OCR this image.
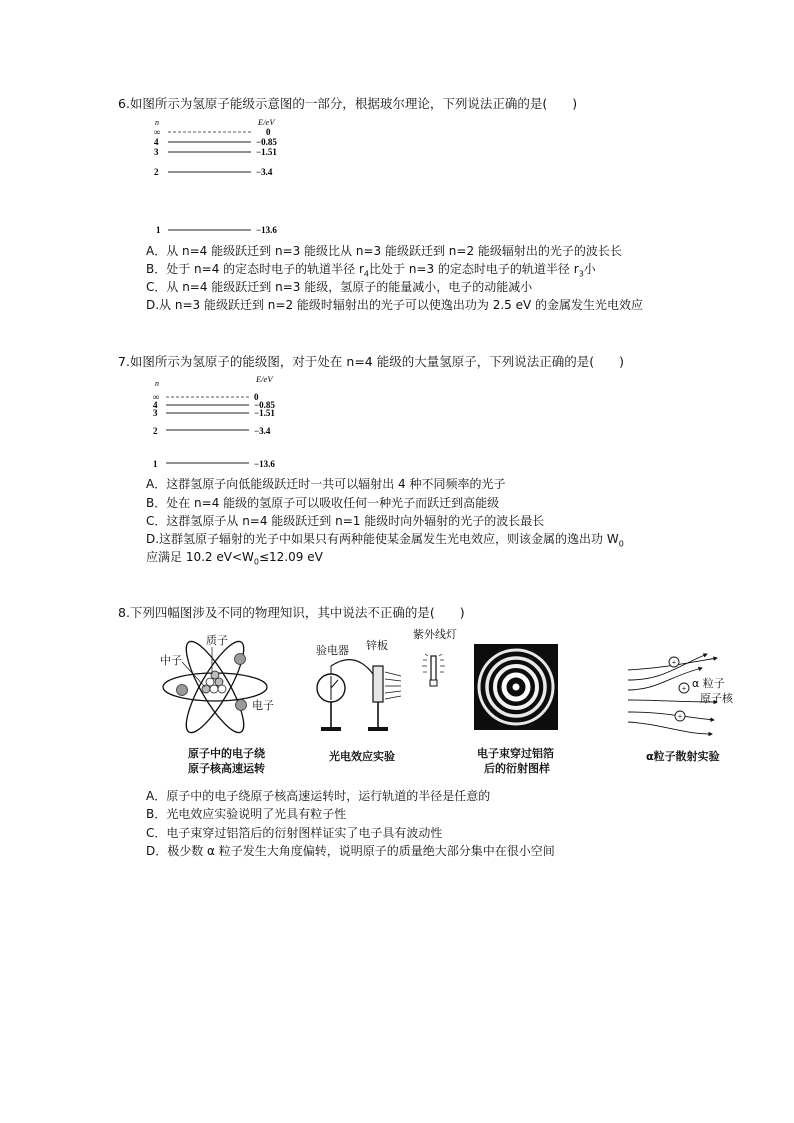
6.如图所示为氢原子能级示意图的一部分，根据玻尔理论，下列说法正确的是(　　)
n	E/eV
∞	0
4	−0.85
3	−1.51
2	−3.4
1	−13.6
A．从 n=4 能级跃迁到 n=3 能级比从 n=3 能级跃迁到 n=2 能级辐射出的光子的波长长
B．处于 n=4 的定态时电子的轨道半径 $r_4$比处于 n=3 的定态时电子的轨道半径 $r_3$小
C．从 n=4 能级跃迁到 n=3 能级，氢原子的能量减小，电子的动能减小
D.从 n=3 能级跃迁到 n=2 能级时辐射出的光子可以使逸出功为 2.5 eV 的金属发生光电效应
7.如图所示为氢原子的能级图，对于处在 n=4 能级的大量氢原子，下列说法正确的是(　　)
n	E/eV
∞	0
4	−0.85
3	−1.51
2	−3.4
1	−13.6
A．这群氢原子向低能级跃迁时一共可以辐射出 4 种不同频率的光子
B．处在 n=4 能级的氢原子可以吸收任何一种光子而跃迁到高能级
C．这群氢原子从 n=4 能级跃迁到 n=1 能级时向外辐射的光子的波长最长
D.这群氢原子辐射的光子中如果只有两种能使某金属发生光电效应，则该金属的逸出功 $W_0$
应满足 10.2 $eV<W_0\le 12.09$ eV
8.下列四幅图涉及不同的物理知识，其中说法不正确的是(　　)
质子
中子
电子
原子中的电子绕
原子核高速运转
验电器 锌板
紫外线灯
光电效应实验	电子束穿过铝箔
后的衍射图样
+
+
+
α 粒子
原子核
α粒子散射实验
A．原子中的电子绕原子核高速运转时，运行轨道的半径是任意的
B．光电效应实验说明了光具有粒子性
C．电子束穿过铝箔后的衍射图样证实了电子具有波动性
D．极少数 α 粒子发生大角度偏转，说明原子的质量绝大部分集中在很小空间
